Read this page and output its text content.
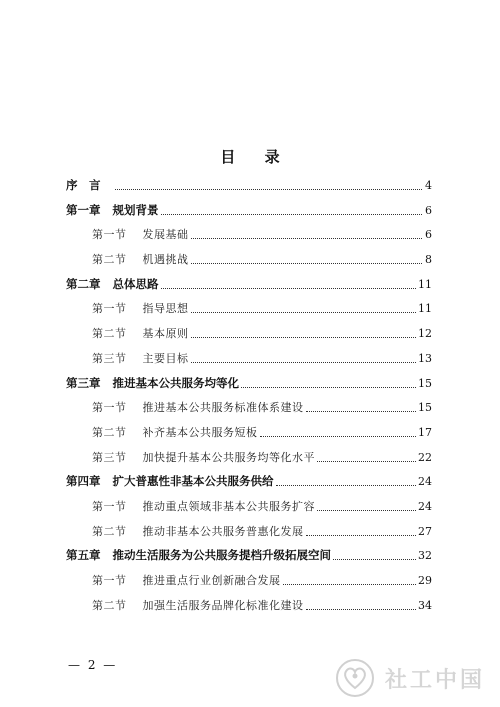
目 录
序　言	4
第一章 规划背景	6
第一节 发展基础	6
第二节 机遇挑战	8
第二章 总体思路	11
第一节 指导思想	11
第二节 基本原则	12
第三节 主要目标	13
第三章 推进基本公共服务均等化	15
第一节 推进基本公共服务标准体系建设	15
第二节 补齐基本公共服务短板	17
第三节 加快提升基本公共服务均等化水平	22
第四章 扩大普惠性非基本公共服务供给	24
第一节 推动重点领域非基本公共服务扩容	24
第二节 推动非基本公共服务普惠化发展	27
第五章 推动生活服务为公共服务提档升级拓展空间	32
第一节 推进重点行业创新融合发展	29
第二节 加强生活服务品牌化标准化建设	34
— 2 —
社工中国
